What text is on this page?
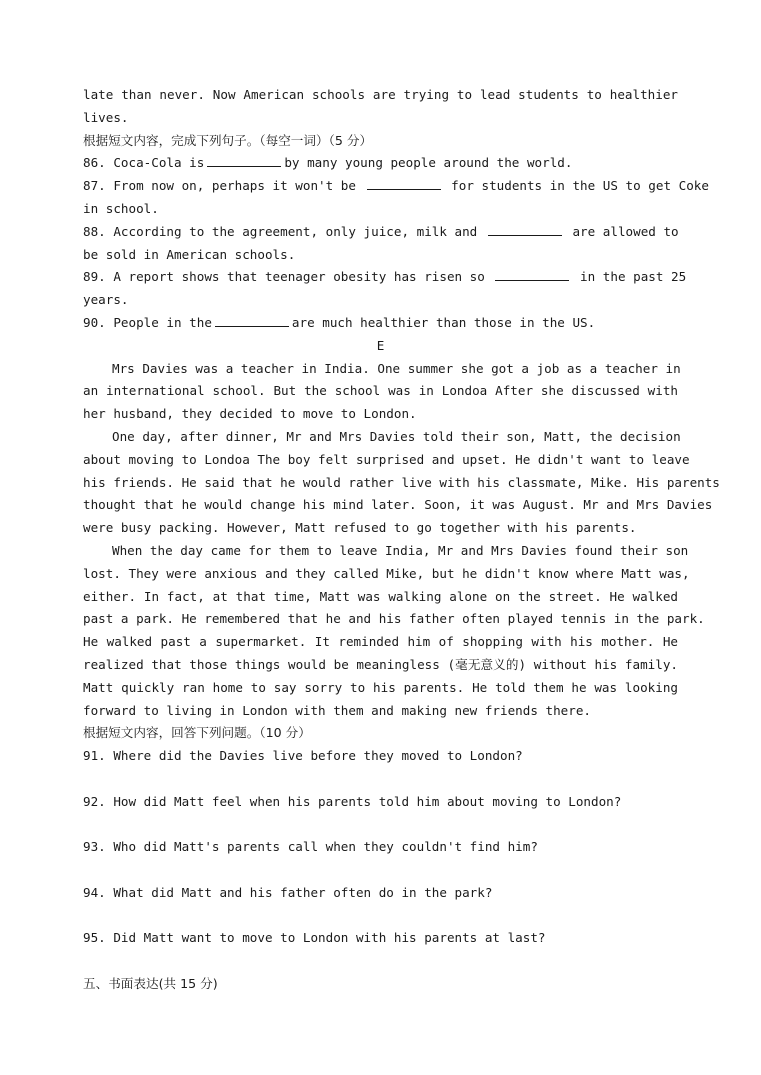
late than never. Now American schools are trying to lead students to healthier
lives.
根据短文内容，完成下列句子。（每空一词）（5 分）
86. Coca-Cola is	by many young people around the world.
87. From now on, perhaps it won't be	for students in the US to get Coke
in school.
88. According to the agreement, only juice, milk and	are allowed to
be sold in American schools.
89. A report shows that teenager obesity has risen so	in the past 25
years.
90. People in the	are much healthier than those in the US.
E
Mrs Davies was a teacher in India. One summer she got a job as a teacher in
an international school. But the school was in Londoa After she discussed with
her husband, they decided to move to London.
One day, after dinner, Mr and Mrs Davies told their son, Matt, the decision
about moving to Londoa The boy felt surprised and upset. He didn't want to leave
his friends. He said that he would rather live with his classmate, Mike. His parents
thought that he would change his mind later. Soon, it was August. Mr and Mrs Davies
were busy packing. However, Matt refused to go together with his parents.
When the day came for them to leave India, Mr and Mrs Davies found their son
lost. They were anxious and they called Mike, but he didn't know where Matt was,
either. In fact, at that time, Matt was walking alone on the street. He walked
past a park. He remembered that he and his father often played tennis in the park.
He walked past a supermarket. It reminded him of shopping with his mother. He
realized that those things would be meaningless (毫无意义的) without his family.
Matt quickly ran home to say sorry to his parents. He told them he was looking
forward to living in London with them and making new friends there.
根据短文内容，回答下列问题。（10 分）
91. Where did the Davies live before they moved to London?
92. How did Matt feel when his parents told him about moving to London?
93. Who did Matt's parents call when they couldn't find him?
94. What did Matt and his father often do in the park?
95. Did Matt want to move to London with his parents at last?
五、书面表达(共 15 分)
